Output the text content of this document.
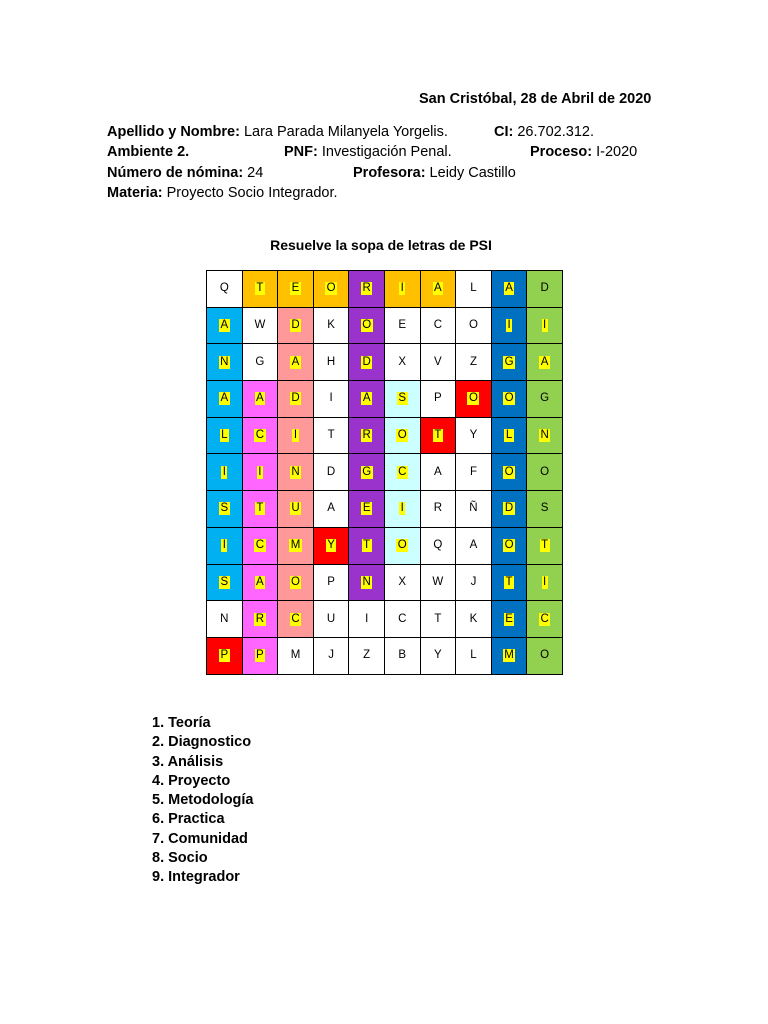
San Cristóbal, 28 de Abril de 2020
Apellido y Nombre: Lara Parada Milanyela Yorgelis.	CI: 26.702.312.
Ambiente 2.	PNF: Investigación Penal.	Proceso: I-2020
Número de nómina: 24	Profesora: Leidy Castillo
Materia: Proyecto Socio Integrador.
Resuelve la sopa de letras de PSI
Q T E O R	I	A L A D
A W D K O E C O	I	I
N G A H D X V Z G A
A A D	I	A S P O O G
L C	I	T R O T Y L N
I	I	N D G C A F O O
S T U A E	I	R Ñ D S
I	C M Y T O Q A O T
S A O P N X W J	T	I
N R C U	I	C T K E C
P P M J	Z B Y L M O
1. Teoría
2. Diagnostico
3. Análisis
4. Proyecto
5. Metodología
6. Practica
7. Comunidad
8. Socio
9. Integrador
